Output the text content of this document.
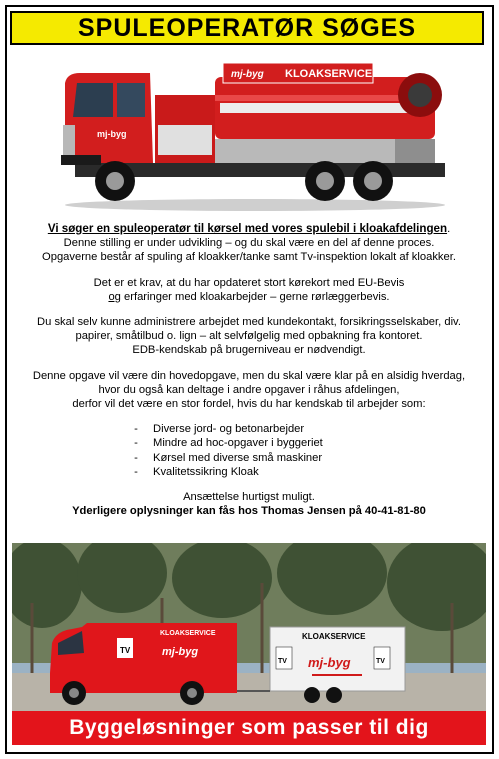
SPULEOPERATØR SØGES
mj-byg
mj-byg KLOAKSERVICE

Vi søger en spuleoperatør til kørsel med vores spulebil i kloakafdelingen.

Denne stilling er under udvikling – og du skal være en del af denne proces.

Opgaverne består af spuling af kloakker/tanke samt Tv-inspektion lokalt af kloakker.

Det er et krav, at du har opdateret stort kørekort med EU-Bevis

og erfaringer med kloakarbejder – gerne rørlæggerbevis.

Du skal selv kunne administrere arbejdet med kundekontakt, forsikringsselskaber, div.

papirer, småtilbud o. lign – alt selvfølgelig med opbakning fra kontoret.

EDB-kendskab på brugerniveau er nødvendigt.

Denne opgave vil være din hovedopgave, men du skal være klar på en alsidig hverdag,

hvor du også kan deltage i andre opgaver i råhus afdelingen,

derfor vil det være en stor fordel, hvis du har kendskab til arbejder som:

-	Diverse jord- og betonarbejder
-	Mindre ad hoc-opgaver i byggeriet
-	Kørsel med diverse små maskiner
-	Kvalitetssikring Kloak

Ansættelse hurtigst muligt.

Yderligere oplysninger kan fås hos Thomas Jensen på 40-41-81-80

TV
KLOAKSERVICE
mj-byg
KLOAKSERVICE
TV	TV
mj-byg
Byggeløsninger som passer til dig
